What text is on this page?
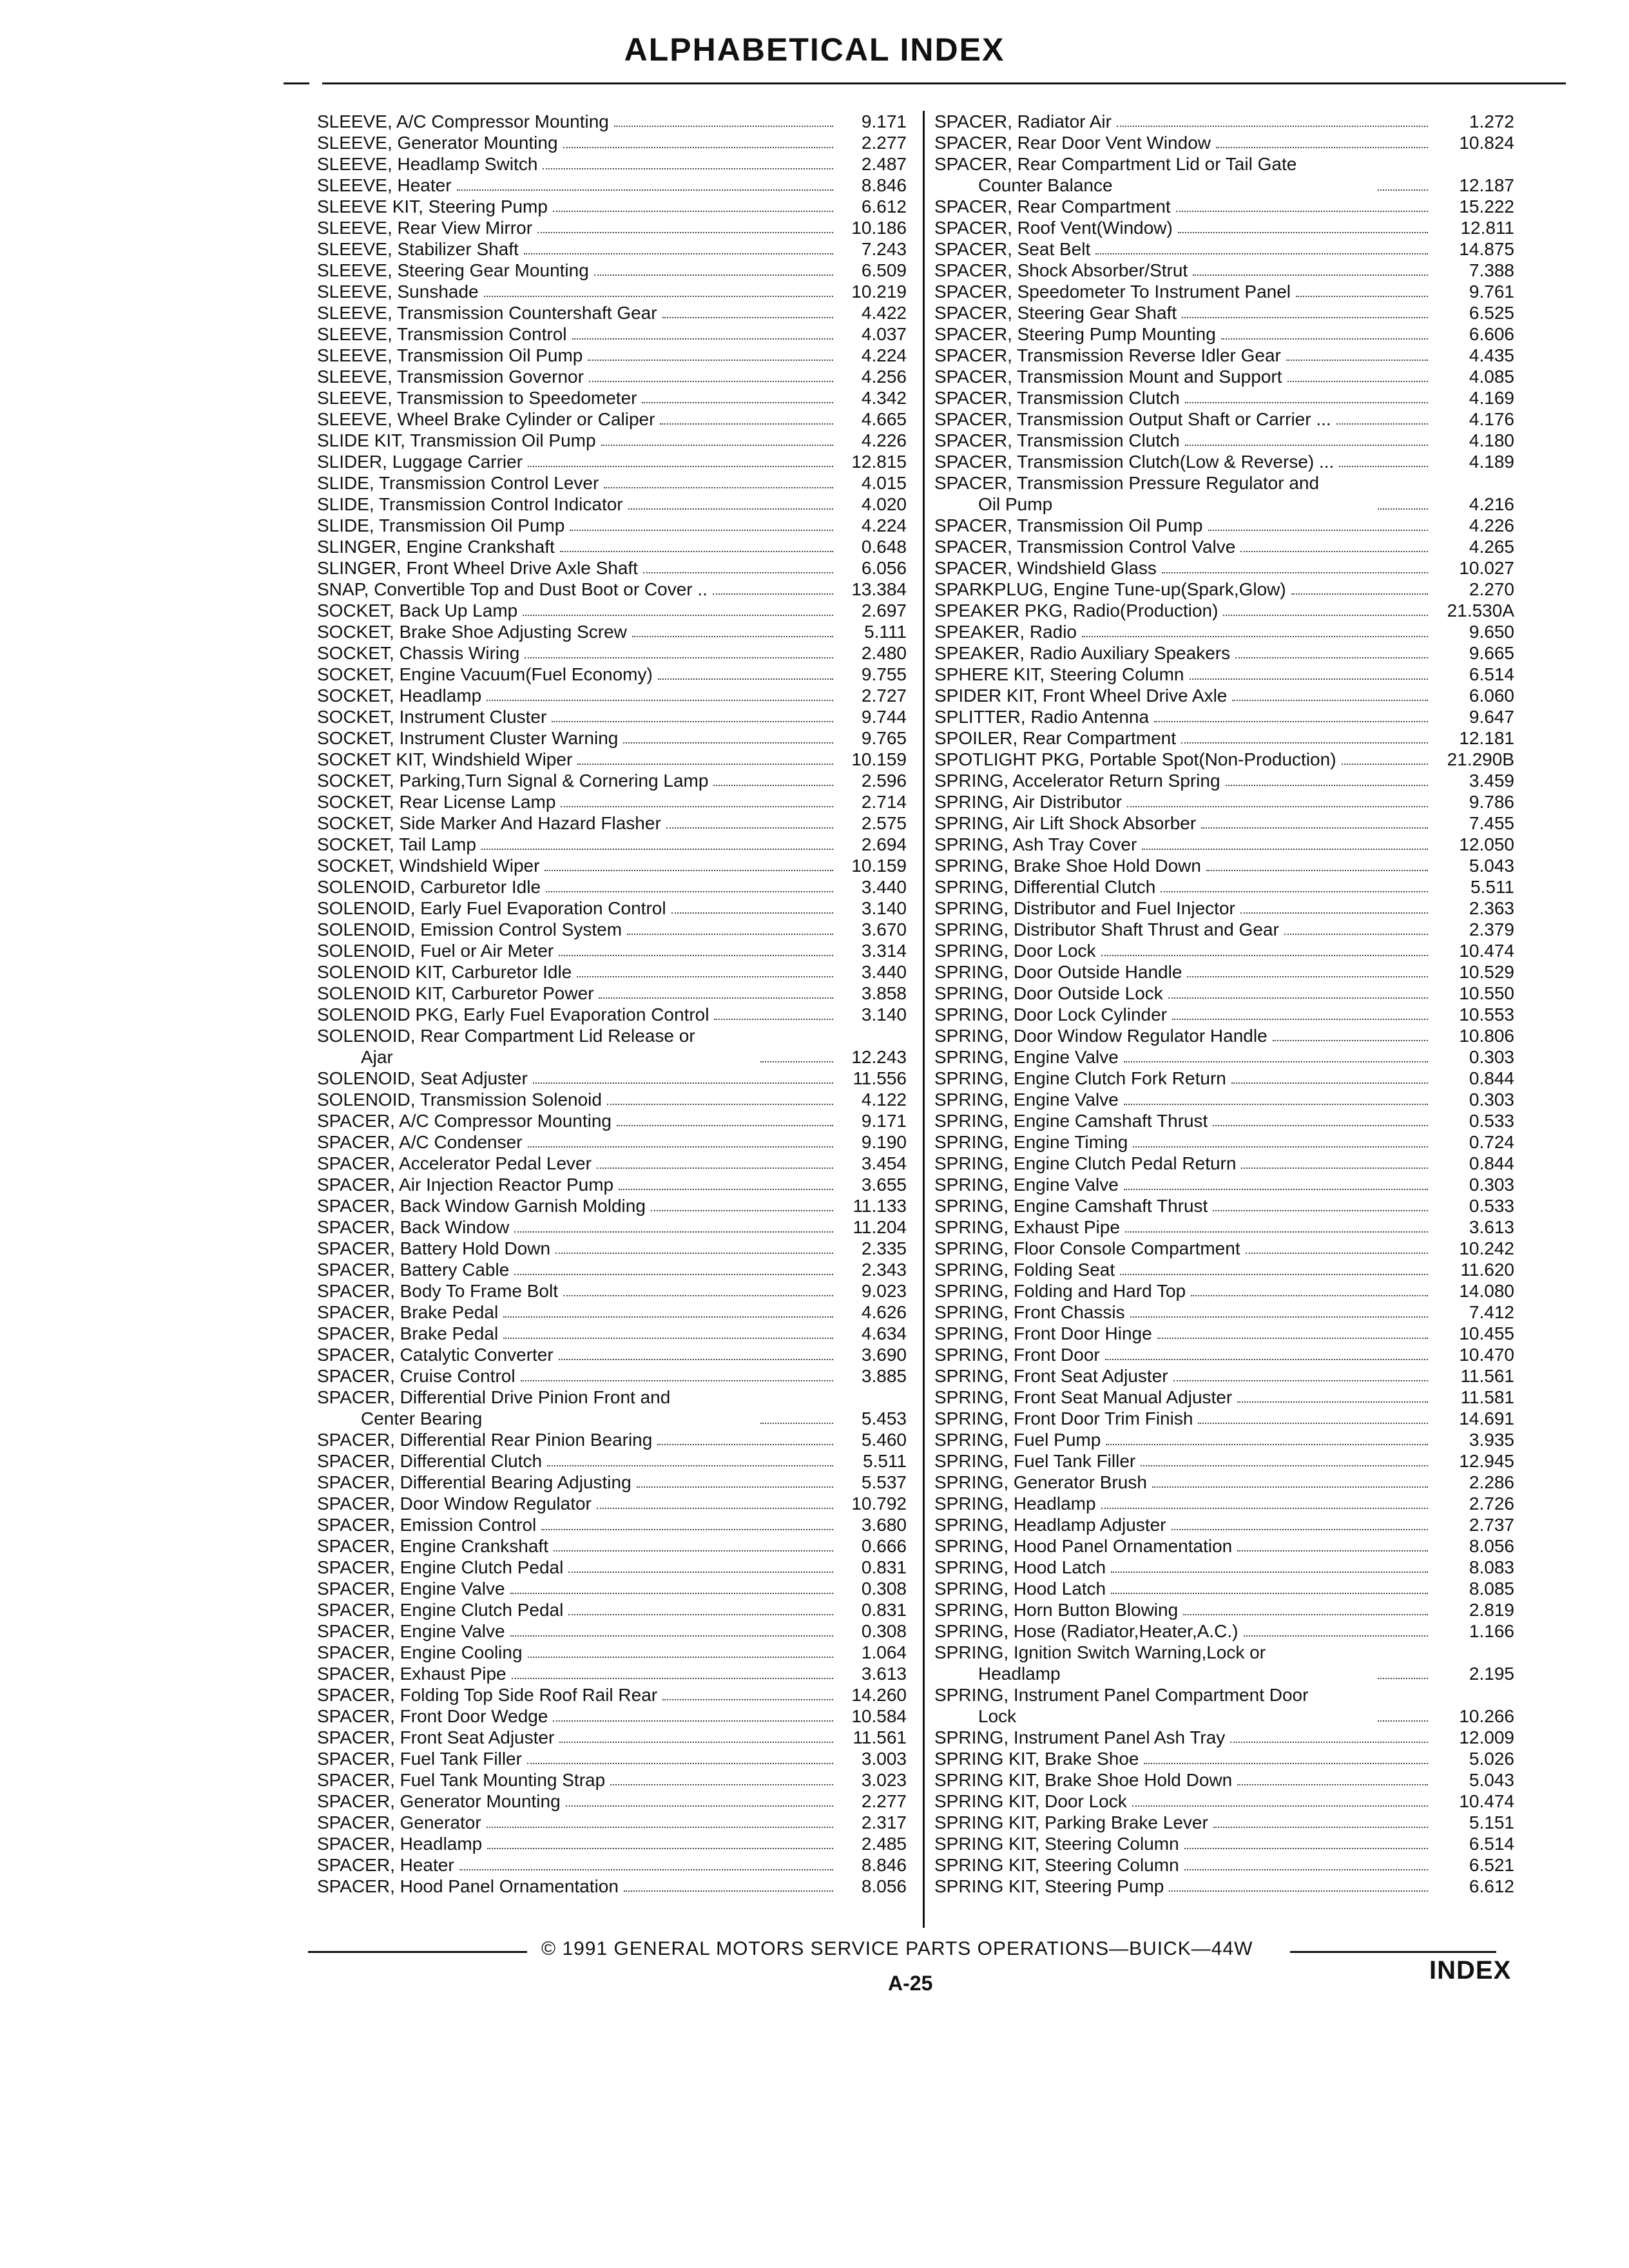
ALPHABETICAL INDEX
SLEEVE, A/C Compressor Mounting	9.171
SLEEVE, Generator Mounting	2.277
SLEEVE, Headlamp Switch	2.487
SLEEVE, Heater	8.846
SLEEVE KIT, Steering Pump	6.612
SLEEVE, Rear View Mirror	10.186
SLEEVE, Stabilizer Shaft	7.243
SLEEVE, Steering Gear Mounting	6.509
SLEEVE, Sunshade	10.219
SLEEVE, Transmission Countershaft Gear	4.422
SLEEVE, Transmission Control	4.037
SLEEVE, Transmission Oil Pump	4.224
SLEEVE, Transmission Governor	4.256
SLEEVE, Transmission to Speedometer	4.342
SLEEVE, Wheel Brake Cylinder or Caliper	4.665
SLIDE KIT, Transmission Oil Pump	4.226
SLIDER, Luggage Carrier	12.815
SLIDE, Transmission Control Lever	4.015
SLIDE, Transmission Control Indicator	4.020
SLIDE, Transmission Oil Pump	4.224
SLINGER, Engine Crankshaft	0.648
SLINGER, Front Wheel Drive Axle Shaft	6.056
SNAP, Convertible Top and Dust Boot or Cover ..	13.384
SOCKET, Back Up Lamp	2.697
SOCKET, Brake Shoe Adjusting Screw	5.111
SOCKET, Chassis Wiring	2.480
SOCKET, Engine Vacuum(Fuel Economy)	9.755
SOCKET, Headlamp	2.727
SOCKET, Instrument Cluster	9.744
SOCKET, Instrument Cluster Warning	9.765
SOCKET KIT, Windshield Wiper	10.159
SOCKET, Parking,Turn Signal & Cornering Lamp	2.596
SOCKET, Rear License Lamp	2.714
SOCKET, Side Marker And Hazard Flasher	2.575
SOCKET, Tail Lamp	2.694
SOCKET, Windshield Wiper	10.159
SOLENOID, Carburetor Idle	3.440
SOLENOID, Early Fuel Evaporation Control	3.140
SOLENOID, Emission Control System	3.670
SOLENOID, Fuel or Air Meter	3.314
SOLENOID KIT, Carburetor Idle	3.440
SOLENOID KIT, Carburetor Power	3.858
SOLENOID PKG, Early Fuel Evaporation Control	3.140
SOLENOID, Rear Compartment Lid Release or
Ajar	12.243
SOLENOID, Seat Adjuster	11.556
SOLENOID, Transmission Solenoid	4.122
SPACER, A/C Compressor Mounting	9.171
SPACER, A/C Condenser	9.190
SPACER, Accelerator Pedal Lever	3.454
SPACER, Air Injection Reactor Pump	3.655
SPACER, Back Window Garnish Molding	11.133
SPACER, Back Window	11.204
SPACER, Battery Hold Down	2.335
SPACER, Battery Cable	2.343
SPACER, Body To Frame Bolt	9.023
SPACER, Brake Pedal	4.626
SPACER, Brake Pedal	4.634
SPACER, Catalytic Converter	3.690
SPACER, Cruise Control	3.885
SPACER, Differential Drive Pinion Front and
Center Bearing	5.453
SPACER, Differential Rear Pinion Bearing	5.460
SPACER, Differential Clutch	5.511
SPACER, Differential Bearing Adjusting	5.537
SPACER, Door Window Regulator	10.792
SPACER, Emission Control	3.680
SPACER, Engine Crankshaft	0.666
SPACER, Engine Clutch Pedal	0.831
SPACER, Engine Valve	0.308
SPACER, Engine Clutch Pedal	0.831
SPACER, Engine Valve	0.308
SPACER, Engine Cooling	1.064
SPACER, Exhaust Pipe	3.613
SPACER, Folding Top Side Roof Rail Rear	14.260
SPACER, Front Door Wedge	10.584
SPACER, Front Seat Adjuster	11.561
SPACER, Fuel Tank Filler	3.003
SPACER, Fuel Tank Mounting Strap	3.023
SPACER, Generator Mounting	2.277
SPACER, Generator	2.317
SPACER, Headlamp	2.485
SPACER, Heater	8.846
SPACER, Hood Panel Ornamentation	8.056
SPACER, Radiator Air	1.272
SPACER, Rear Door Vent Window	10.824
SPACER, Rear Compartment Lid or Tail Gate
Counter Balance	12.187
SPACER, Rear Compartment	15.222
SPACER, Roof Vent(Window)	12.811
SPACER, Seat Belt	14.875
SPACER, Shock Absorber/Strut	7.388
SPACER, Speedometer To Instrument Panel	9.761
SPACER, Steering Gear Shaft	6.525
SPACER, Steering Pump Mounting	6.606
SPACER, Transmission Reverse Idler Gear	4.435
SPACER, Transmission Mount and Support	4.085
SPACER, Transmission Clutch	4.169
SPACER, Transmission Output Shaft or Carrier ...	4.176
SPACER, Transmission Clutch	4.180
SPACER, Transmission Clutch(Low & Reverse) ...	4.189
SPACER, Transmission Pressure Regulator and
Oil Pump	4.216
SPACER, Transmission Oil Pump	4.226
SPACER, Transmission Control Valve	4.265
SPACER, Windshield Glass	10.027
SPARKPLUG, Engine Tune-up(Spark,Glow)	2.270
SPEAKER PKG, Radio(Production)	21.530A
SPEAKER, Radio	9.650
SPEAKER, Radio Auxiliary Speakers	9.665
SPHERE KIT, Steering Column	6.514
SPIDER KIT, Front Wheel Drive Axle	6.060
SPLITTER, Radio Antenna	9.647
SPOILER, Rear Compartment	12.181
SPOTLIGHT PKG, Portable Spot(Non-Production)	21.290B
SPRING, Accelerator Return Spring	3.459
SPRING, Air Distributor	9.786
SPRING, Air Lift Shock Absorber	7.455
SPRING, Ash Tray Cover	12.050
SPRING, Brake Shoe Hold Down	5.043
SPRING, Differential Clutch	5.511
SPRING, Distributor and Fuel Injector	2.363
SPRING, Distributor Shaft Thrust and Gear	2.379
SPRING, Door Lock	10.474
SPRING, Door Outside Handle	10.529
SPRING, Door Outside Lock	10.550
SPRING, Door Lock Cylinder	10.553
SPRING, Door Window Regulator Handle	10.806
SPRING, Engine Valve	0.303
SPRING, Engine Clutch Fork Return	0.844
SPRING, Engine Valve	0.303
SPRING, Engine Camshaft Thrust	0.533
SPRING, Engine Timing	0.724
SPRING, Engine Clutch Pedal Return	0.844
SPRING, Engine Valve	0.303
SPRING, Engine Camshaft Thrust	0.533
SPRING, Exhaust Pipe	3.613
SPRING, Floor Console Compartment	10.242
SPRING, Folding Seat	11.620
SPRING, Folding and Hard Top	14.080
SPRING, Front Chassis	7.412
SPRING, Front Door Hinge	10.455
SPRING, Front Door	10.470
SPRING, Front Seat Adjuster	11.561
SPRING, Front Seat Manual Adjuster	11.581
SPRING, Front Door Trim Finish	14.691
SPRING, Fuel Pump	3.935
SPRING, Fuel Tank Filler	12.945
SPRING, Generator Brush	2.286
SPRING, Headlamp	2.726
SPRING, Headlamp Adjuster	2.737
SPRING, Hood Panel Ornamentation	8.056
SPRING, Hood Latch	8.083
SPRING, Hood Latch	8.085
SPRING, Horn Button Blowing	2.819
SPRING, Hose (Radiator,Heater,A.C.)	1.166
SPRING, Ignition Switch Warning,Lock or
Headlamp	2.195
SPRING, Instrument Panel Compartment Door
Lock	10.266
SPRING, Instrument Panel Ash Tray	12.009
SPRING KIT, Brake Shoe	5.026
SPRING KIT, Brake Shoe Hold Down	5.043
SPRING KIT, Door Lock	10.474
SPRING KIT, Parking Brake Lever	5.151
SPRING KIT, Steering Column	6.514
SPRING KIT, Steering Column	6.521
SPRING KIT, Steering Pump	6.612
© 1991 GENERAL MOTORS SERVICE PARTS OPERATIONS—BUICK—44W
A-25	INDEX
